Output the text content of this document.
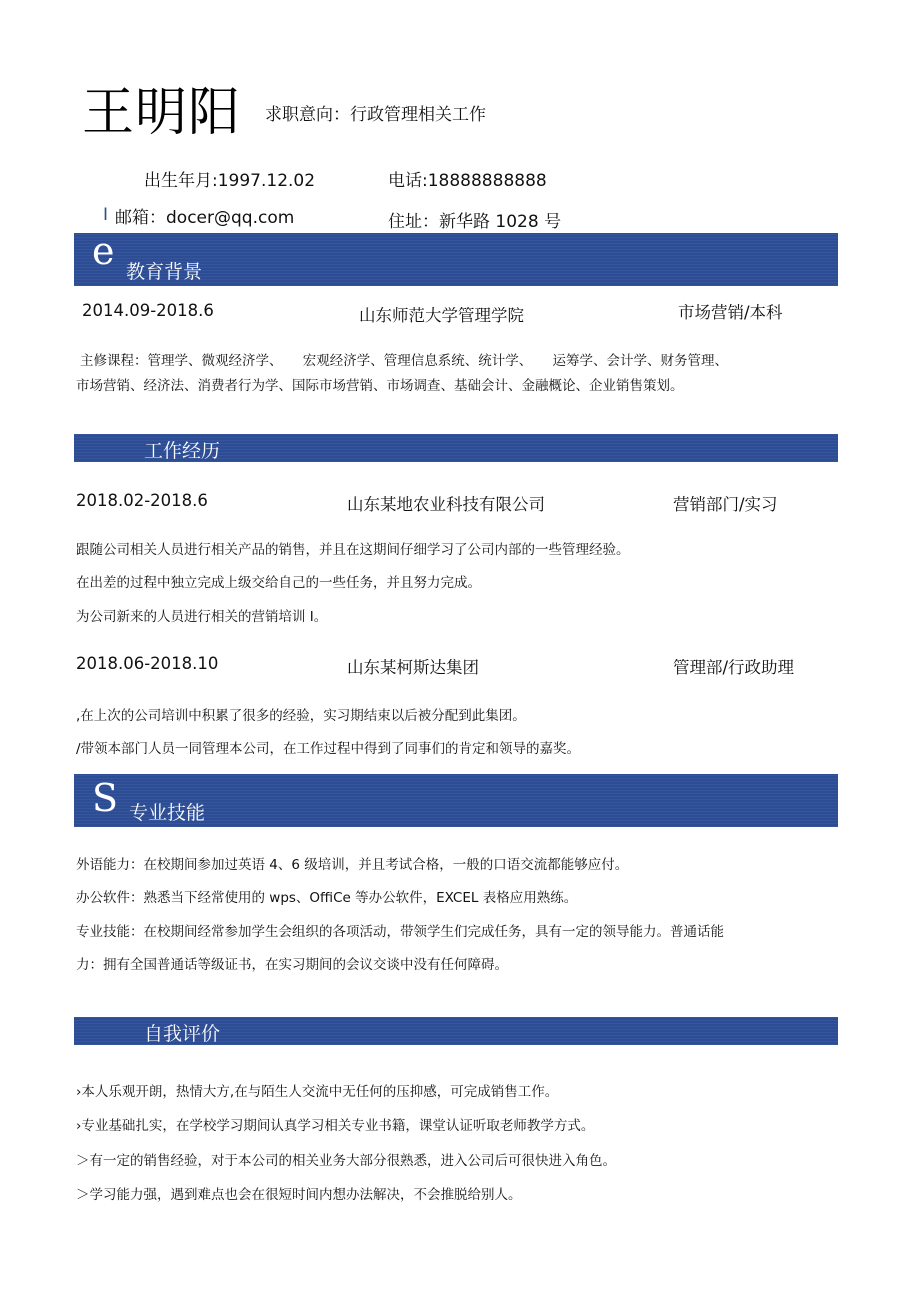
王明阳 求职意向：行政管理相关工作
出生年月:1997.12.02	电话:18888888888
I 邮箱：docer@qq.com	住址：新华路 1028 号
e 教育背景
2014.09-2018.6	山东师范大学管理学院	市场营销/本科
主修课程：管理学、微观经济学、　　宏观经济学、管理信息系统、统计学、　　运筹学、会计学、财务管理、
市场营销、经济法、消费者行为学、国际市场营销、市场调查、基础会计、金融概论、企业销售策划。
工作经历
2018.02-2018.6	山东某地农业科技有限公司	营销部门/实习
跟随公司相关人员进行相关产品的销售，并且在这期间仔细学习了公司内部的一些管理经验。
在出差的过程中独立完成上级交给自己的一些任务，并且努力完成。
为公司新来的人员进行相关的营销培训 I。
2018.06-2018.10	山东某柯斯达集团	管理部/行政助理
,在上次的公司培训中积累了很多的经验，实习期结束以后被分配到此集团。
/带领本部门人员一同管理本公司，在工作过程中得到了同事们的肯定和领导的嘉奖。
S 专业技能
外语能力：在校期间参加过英语 4、6 级培训，并且考试合格，一般的口语交流都能够应付。
办公软件：熟悉当下经常使用的 wps、OffiCe 等办公软件，EXCEL 表格应用熟练。
专业技能：在校期间经常参加学生会组织的各项活动，带领学生们完成任务，具有一定的领导能力。普通话能
力：拥有全国普通话等级证书，在实习期间的会议交谈中没有任何障碍。
自我评价
›本人乐观开朗，热情大方,在与陌生人交流中无任何的压抑感，可完成销售工作。
›专业基础扎实，在学校学习期间认真学习相关专业书籍，课堂认证听取老师教学方式。
＞有一定的销售经验，对于本公司的相关业务大部分很熟悉，进入公司后可很快进入角色。
＞学习能力强，遇到难点也会在很短时间内想办法解决，不会推脱给别人。
